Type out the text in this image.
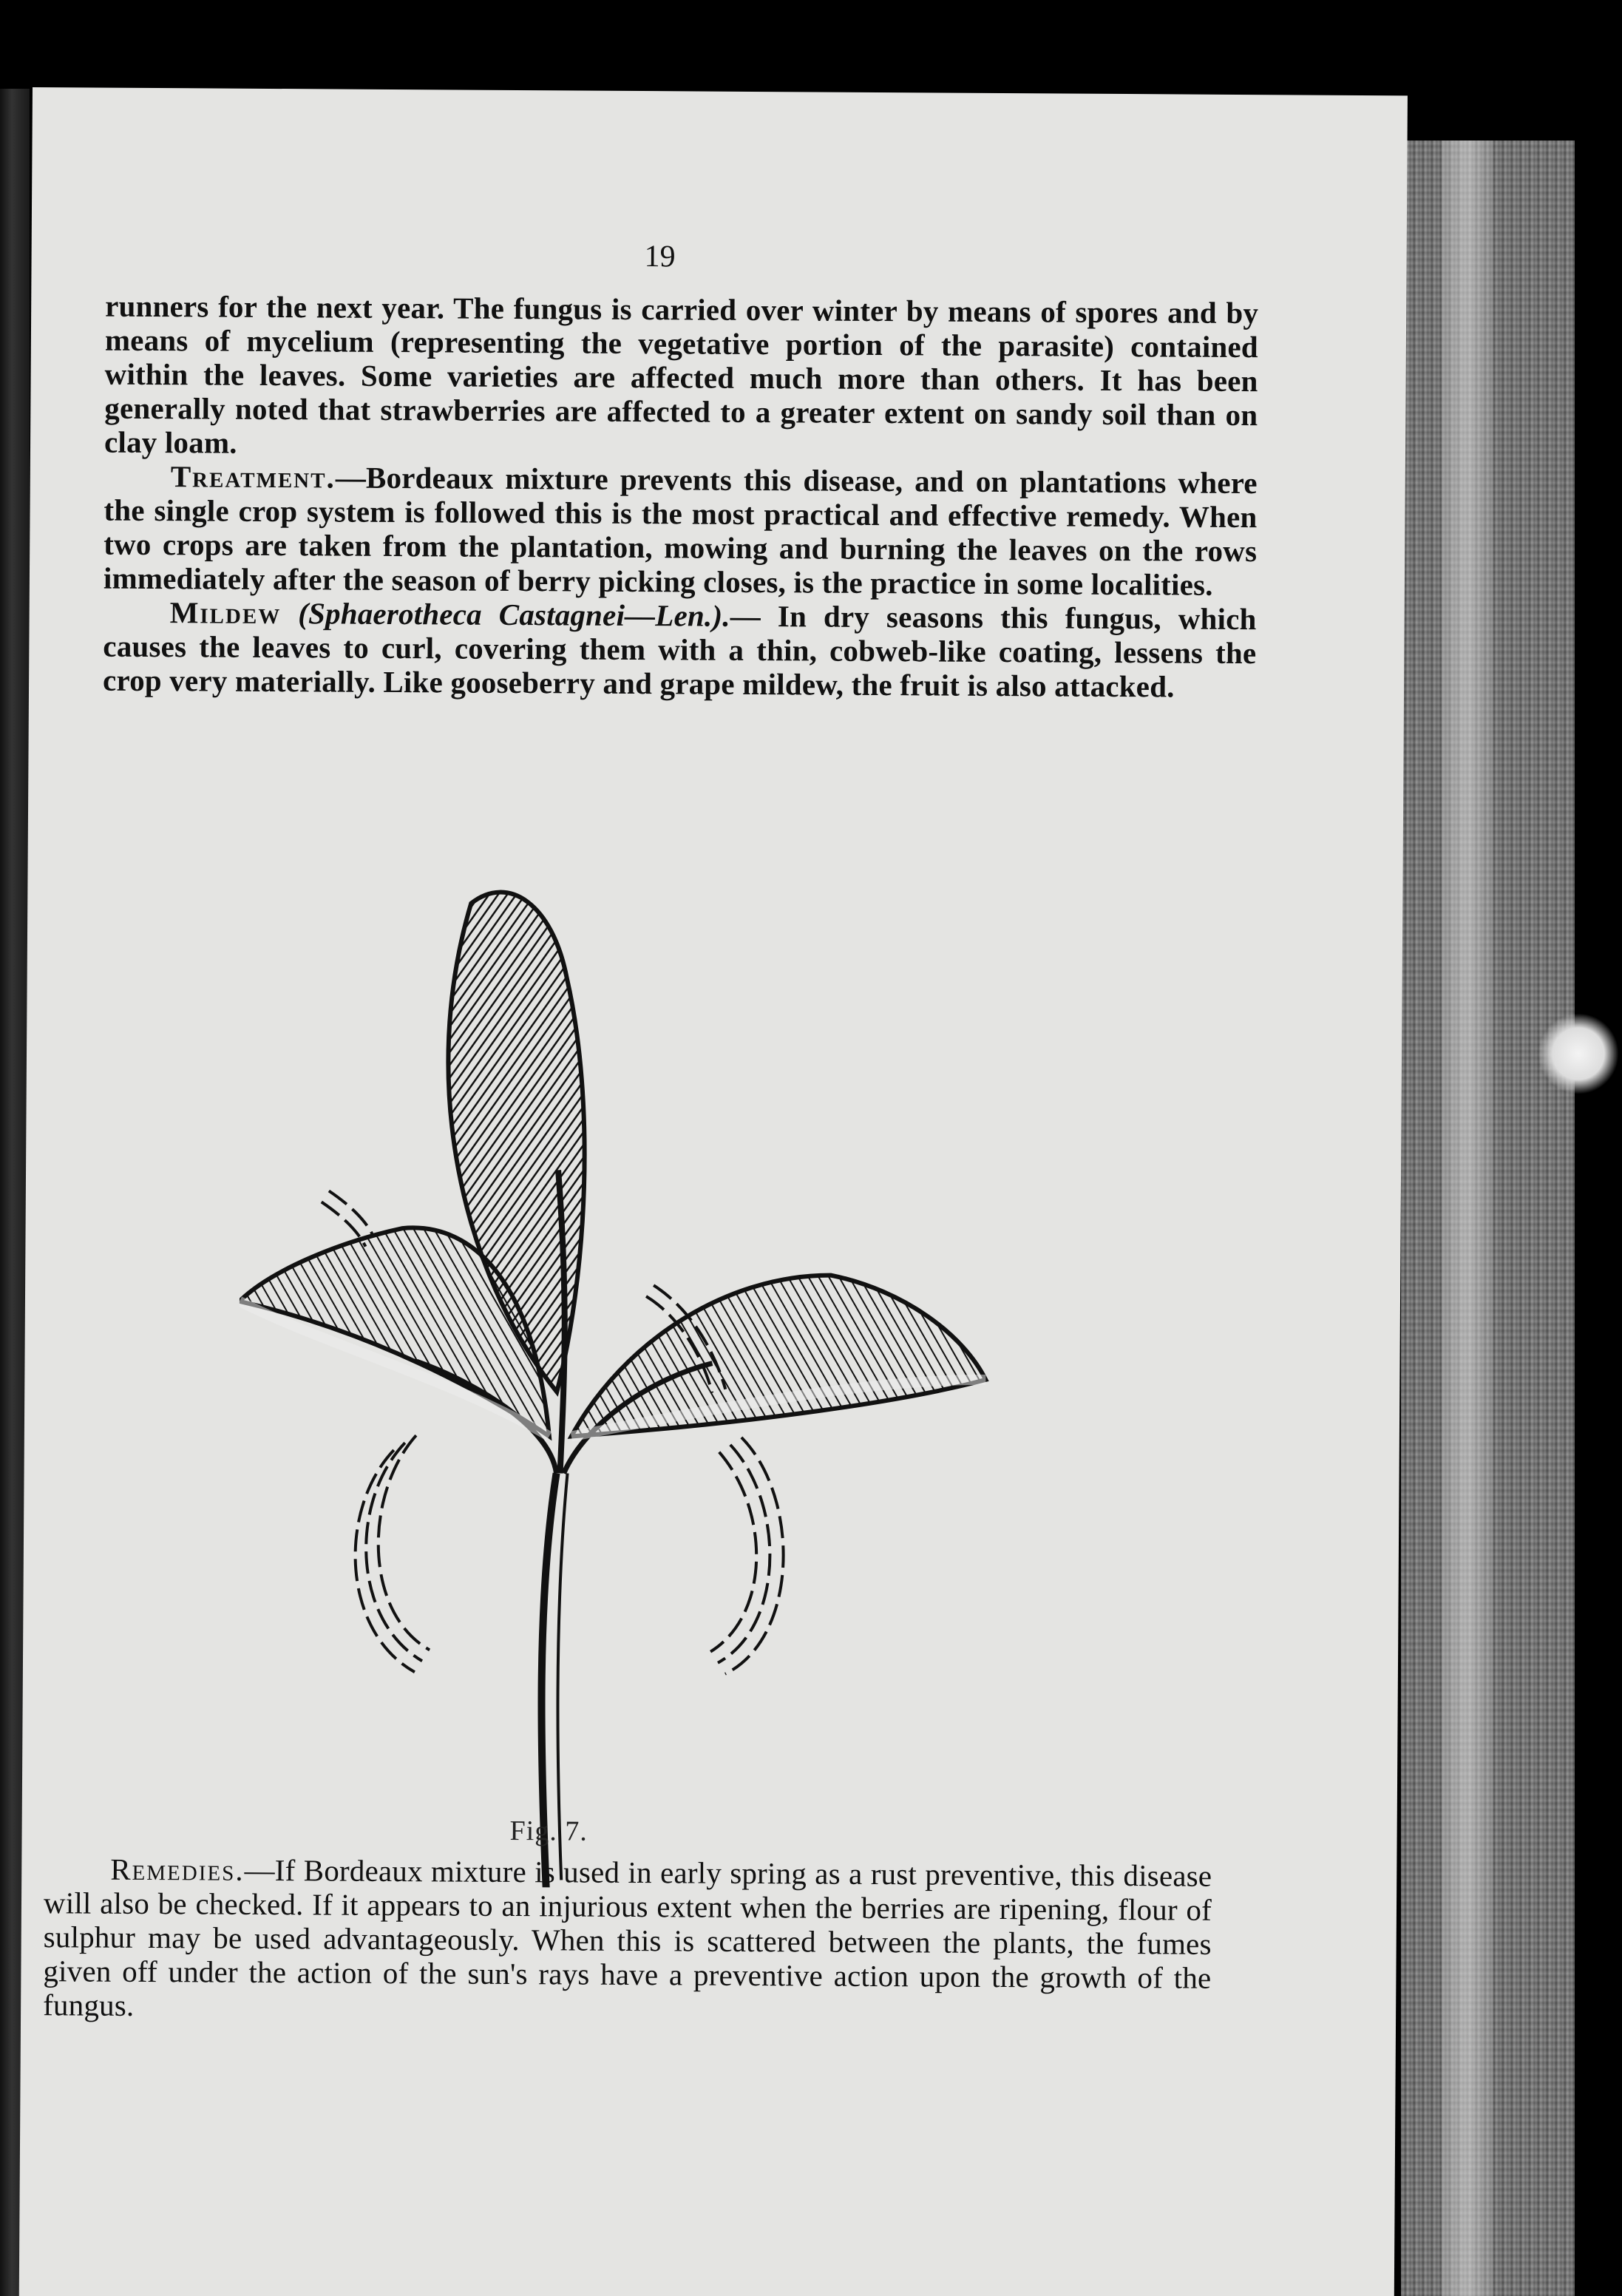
19

runners for the next year. The fungus is carried over winter by means of spores and by means of mycelium (representing the vegetative portion of the parasite) contained within the leaves. Some varieties are affected much more than others. It has been generally noted that strawberries are affected to a greater extent on sandy soil than on clay loam.

Treatment.—Bordeaux mixture prevents this disease, and on plantations where the single crop system is followed this is the most practical and effective remedy. When two crops are taken from the plantation, mowing and burning the leaves on the rows immediately after the season of berry picking closes, is the practice in some localities.

Mildew (Sphaerotheca Castagnei—Len.).— In dry seasons this fungus, which causes the leaves to curl, covering them with a thin, cobweb-like coating, lessens the crop very materially. Like gooseberry and grape mildew, the fruit is also attacked.

Fig. 7.

Remedies.—If Bordeaux mixture is used in early spring as a rust preventive, this disease will also be checked. If it appears to an injurious extent when the berries are ripening, flour of sulphur may be used advantageously. When this is scattered between the plants, the fumes given off under the action of the sun's rays have a preventive action upon the growth of the fungus.
